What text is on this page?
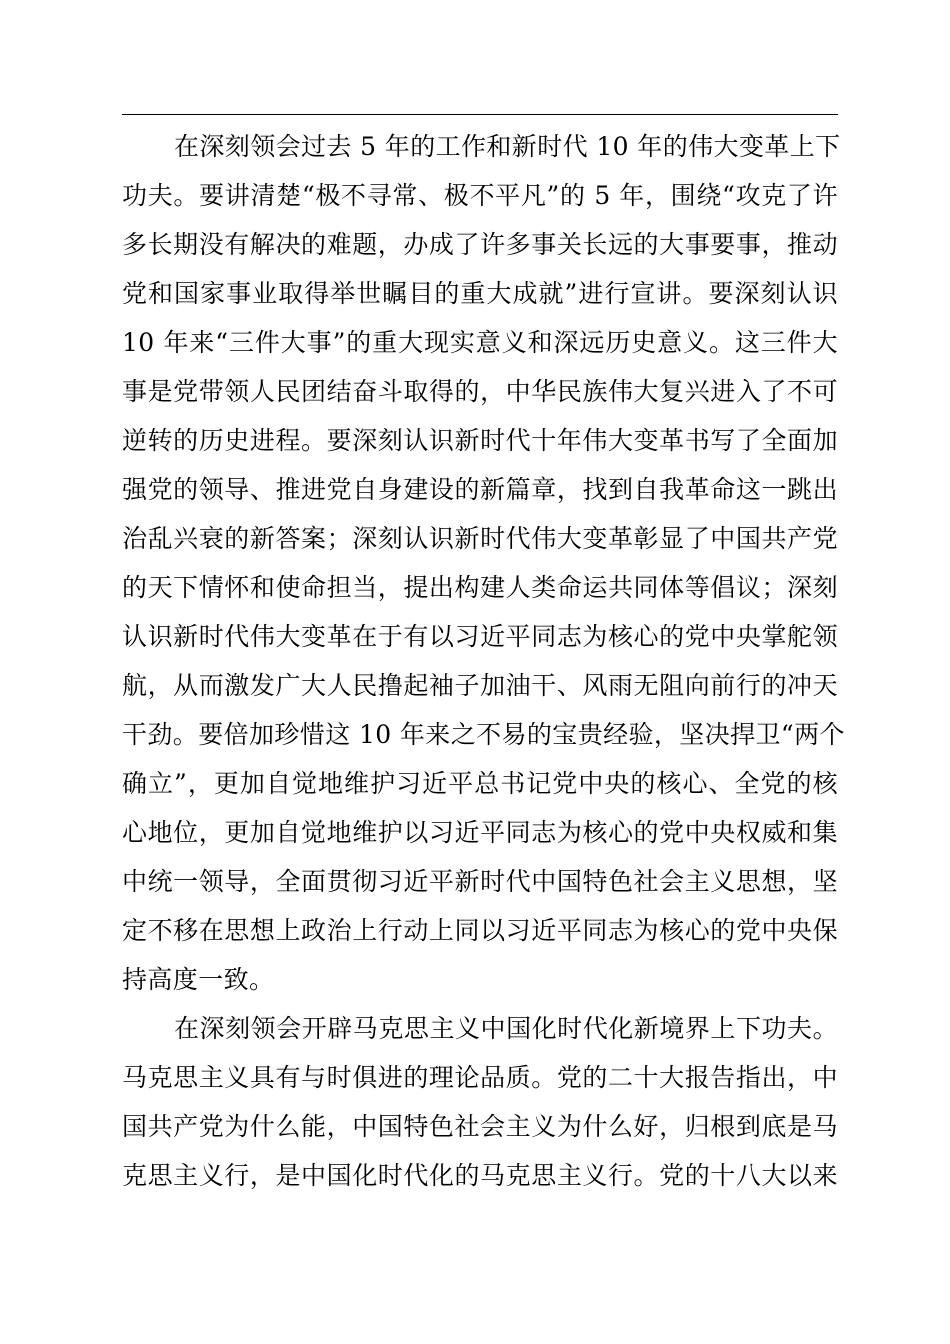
在深刻领会过去 5 年的工作和新时代 10 年的伟大变革上下
功夫。要讲清楚“极不寻常、极不平凡”的 5 年，围绕“攻克了许
多长期没有解决的难题，办成了许多事关长远的大事要事，推动
党和国家事业取得举世瞩目的重大成就”进行宣讲。要深刻认识
10 年来“三件大事”的重大现实意义和深远历史意义。这三件大
事是党带领人民团结奋斗取得的，中华民族伟大复兴进入了不可
逆转的历史进程。要深刻认识新时代十年伟大变革书写了全面加
强党的领导、推进党自身建设的新篇章，找到自我革命这一跳出
治乱兴衰的新答案；深刻认识新时代伟大变革彰显了中国共产党
的天下情怀和使命担当，提出构建人类命运共同体等倡议；深刻
认识新时代伟大变革在于有以习近平同志为核心的党中央掌舵领
航，从而激发广大人民撸起袖子加油干、风雨无阻向前行的冲天
干劲。要倍加珍惜这 10 年来之不易的宝贵经验，坚决捍卫“两个
确立”，更加自觉地维护习近平总书记党中央的核心、全党的核
心地位，更加自觉地维护以习近平同志为核心的党中央权威和集
中统一领导，全面贯彻习近平新时代中国特色社会主义思想，坚
定不移在思想上政治上行动上同以习近平同志为核心的党中央保
持高度一致。
在深刻领会开辟马克思主义中国化时代化新境界上下功夫。
马克思主义具有与时俱进的理论品质。党的二十大报告指出，中
国共产党为什么能，中国特色社会主义为什么好，归根到底是马
克思主义行，是中国化时代化的马克思主义行。党的十八大以来
